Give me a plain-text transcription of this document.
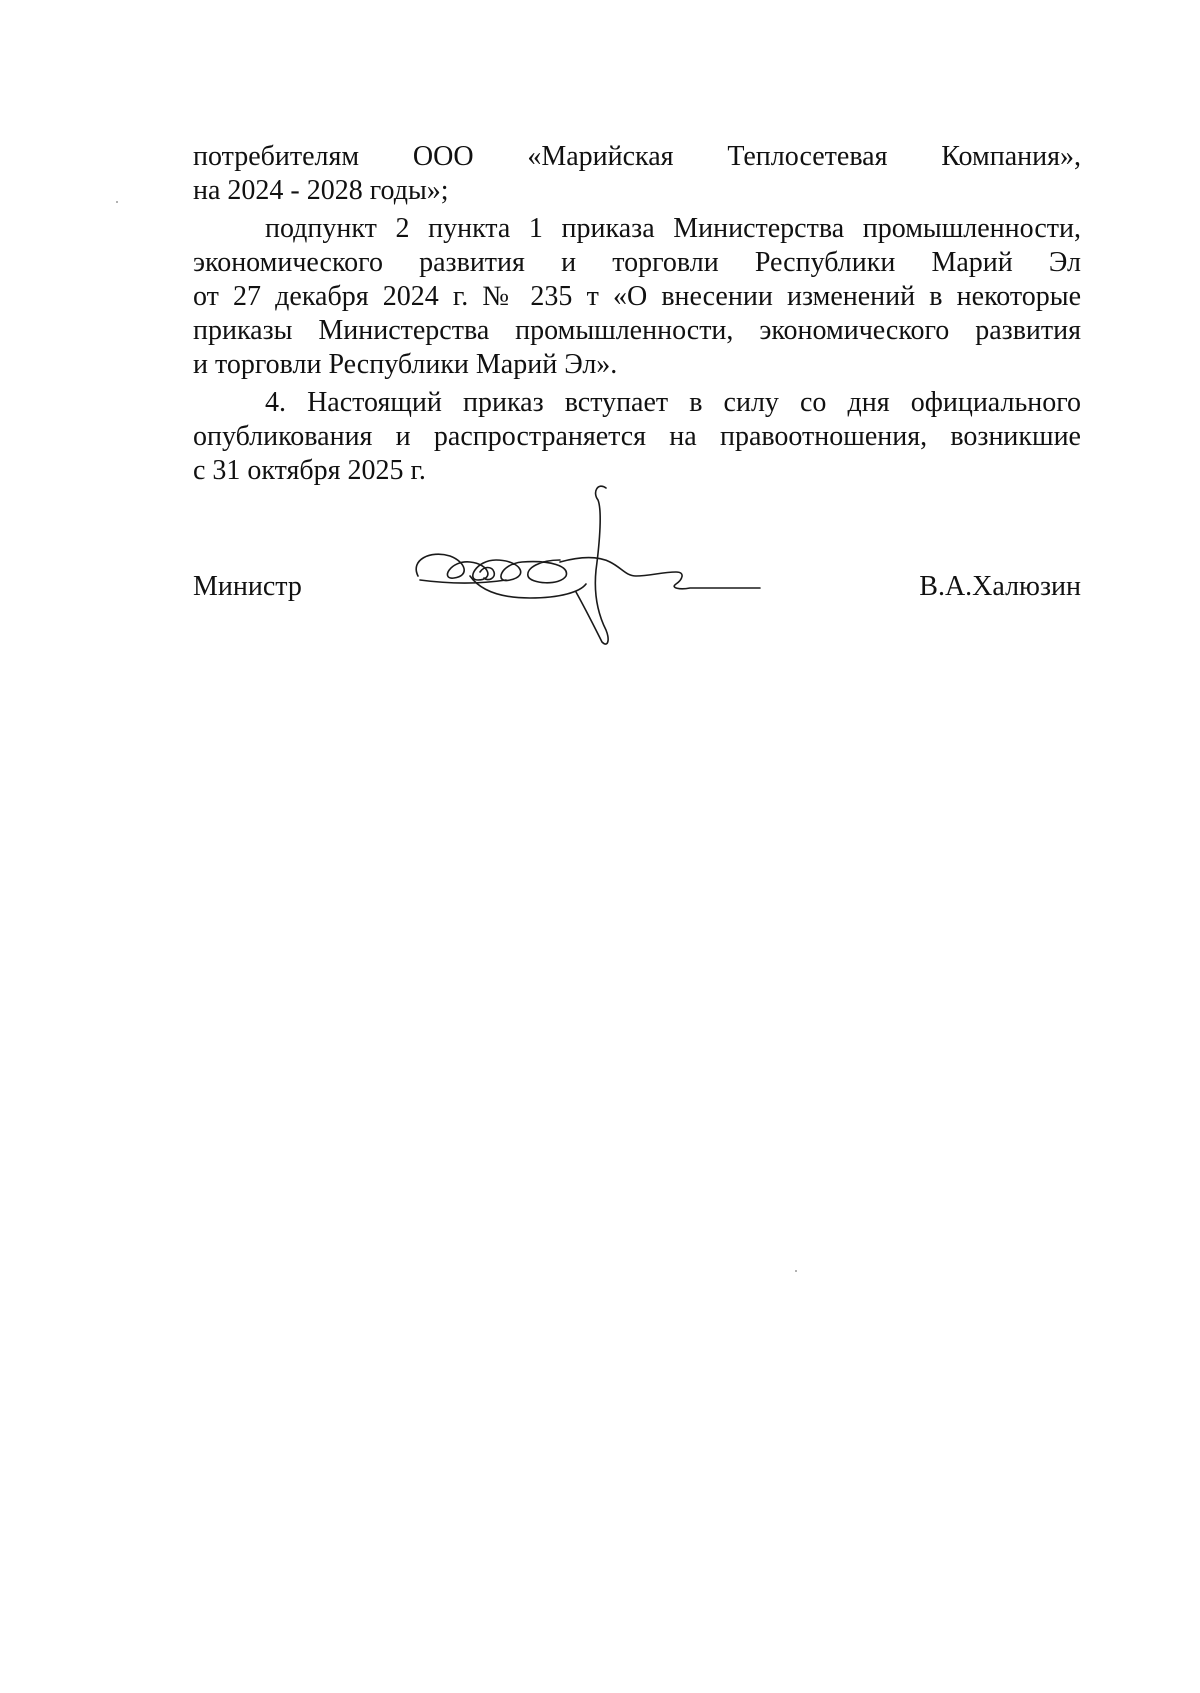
потребителям ООО «Марийская Теплосетевая Компания»,
на 2024 - 2028 годы»;

подпункт 2 пункта 1 приказа Министерства промышленности,
экономического развития и торговли Республики Марий Эл
от 27 декабря 2024 г. № 235 т «О внесении изменений в некоторые
приказы Министерства промышленности, экономического развития
и торговли Республики Марий Эл».

4. Настоящий приказ вступает в силу со дня официального
опубликования и распространяется на правоотношения, возникшие
с 31 октября 2025 г.

Министр	В.А.Халюзин
